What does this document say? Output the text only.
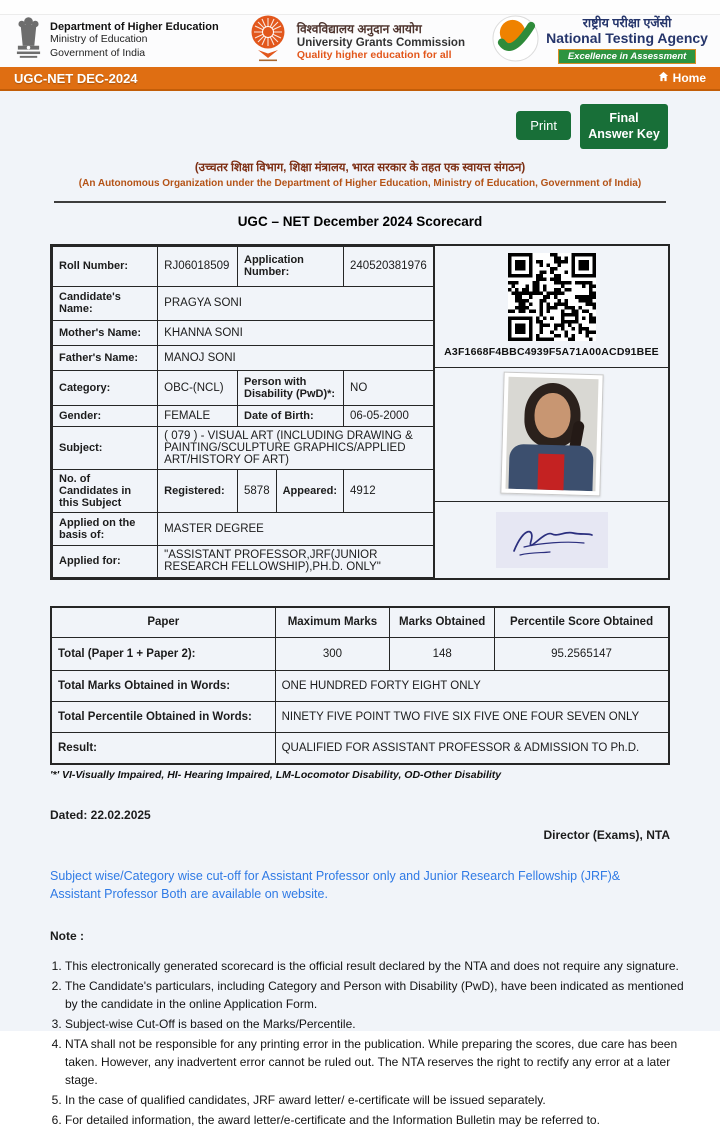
Department of Higher Education
Ministry of Education
Government of India
विश्वविद्यालय अनुदान आयोग
University Grants Commission
Quality higher education for all
राष्ट्रीय परीक्षा एजेंसी
National Testing Agency
Excellence in Assessment
UGC-NET DEC-2024	Home
Print	Final Answer Key
(उच्चतर शिक्षा विभाग, शिक्षा मंत्रालय, भारत सरकार के तहत एक स्वायत्त संगठन)
(An Autonomous Organization under the Department of Higher Education, Ministry of Education, Government of India)
UGC – NET December 2024 Scorecard
Roll Number:	RJ06018509	Application Number:		240520381976
Candidate's Name:	PRAGYA SONI			
Mother's Name:	KHANNA SONI			
Father's Name:	MANOJ SONI			
Category:	OBC-(NCL)	Person with Disability (PwD)*:		NO
Gender:	FEMALE	Date of Birth:		06-05-2000
Subject:	( 079 ) - VISUAL ART (INCLUDING DRAWING & PAINTING/SCULPTURE GRAPHICS/APPLIED ART/HISTORY OF ART)			
No. of Candidates in this Subject	Registered:	5878	Appeared:	4912
Applied on the basis of:	MASTER DEGREE			
Applied for:	"ASSISTANT PROFESSOR,JRF(JUNIOR RESEARCH FELLOWSHIP),PH.D. ONLY"			
A3F1668F4BBC4939F5A71A00ACD91BEE
Paper	Maximum Marks	Marks Obtained	Percentile Score Obtained
Total (Paper 1 + Paper 2):	300	148	95.2565147
Total Marks Obtained in Words:	ONE HUNDRED FORTY EIGHT ONLY		
Total Percentile Obtained in Words:	NINETY FIVE POINT TWO FIVE SIX FIVE ONE FOUR SEVEN ONLY		
Result:	QUALIFIED FOR ASSISTANT PROFESSOR & ADMISSION TO Ph.D.		
'*' VI-Visually Impaired, HI- Hearing Impaired, LM-Locomotor Disability, OD-Other Disability
Dated: 22.02.2025
Director (Exams), NTA
Subject wise/Category wise cut-off for Assistant Professor only and Junior Research Fellowship (JRF)& Assistant Professor Both are available on website.
Note :
1. This electronically generated scorecard is the official result declared by the NTA and does not require any signature.
2. The Candidate's particulars, including Category and Person with Disability (PwD), have been indicated as mentioned by the candidate in the online Application Form.
3. Subject-wise Cut-Off is based on the Marks/Percentile.
4. NTA shall not be responsible for any printing error in the publication. While preparing the scores, due care has been taken. However, any inadvertent error cannot be ruled out. The NTA reserves the right to rectify any error at a later stage.
5. In the case of qualified candidates, JRF award letter/ e-certificate will be issued separately.
6. For detailed information, the award letter/e-certificate and the Information Bulletin may be referred to.
